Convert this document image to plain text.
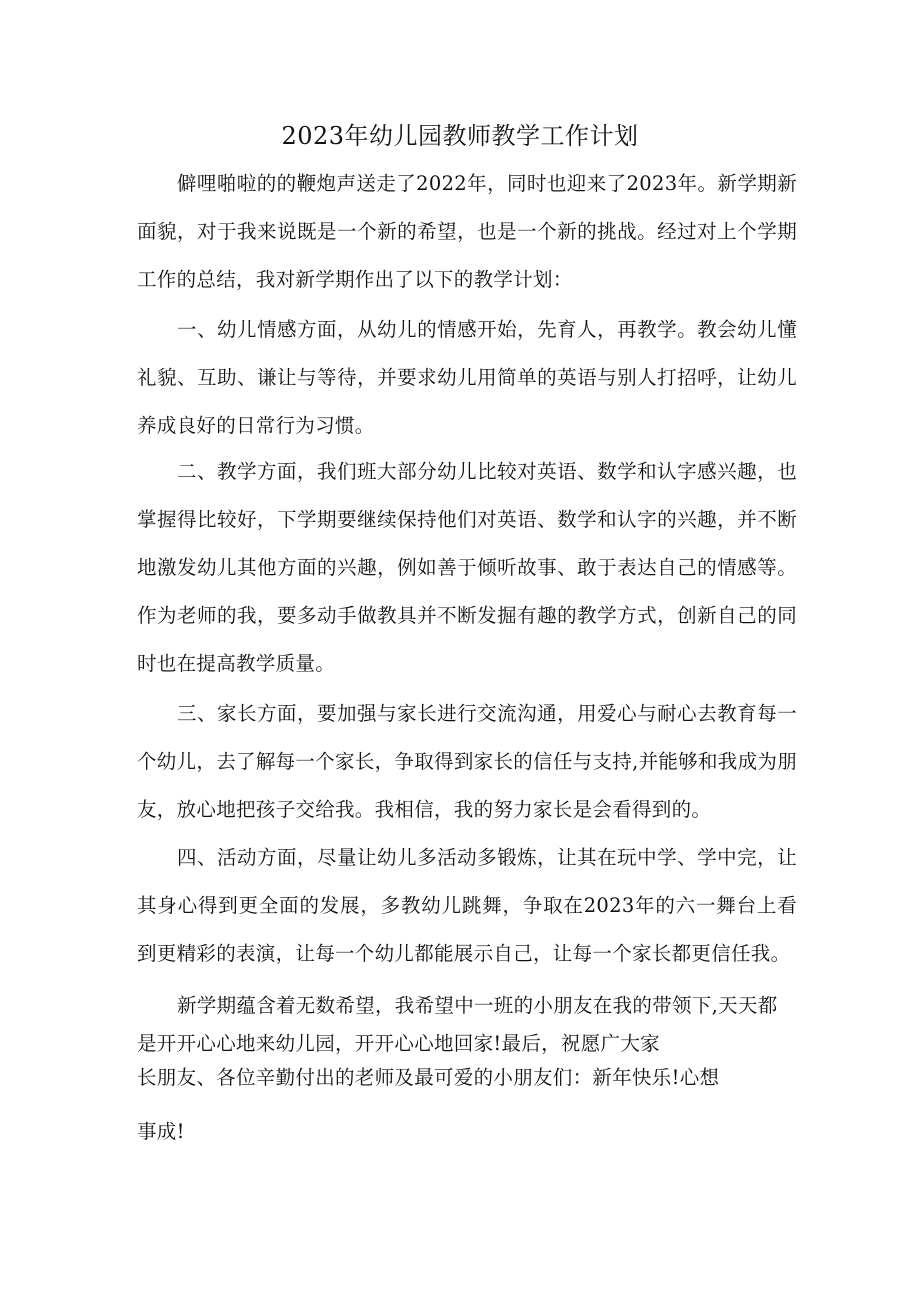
2023年幼儿园教师教学工作计划

僻哩啪啦的的鞭炮声送走了2022年，同时也迎来了2023年。新学期新面貌，对于我来说既是一个新的希望，也是一个新的挑战。经过对上个学期工作的总结，我对新学期作出了以下的教学计划：

一、幼儿情感方面，从幼儿的情感开始，先育人，再教学。教会幼儿懂礼貌、互助、谦让与等待，并要求幼儿用简单的英语与别人打招呼，让幼儿养成良好的日常行为习惯。

二、教学方面，我们班大部分幼儿比较对英语、数学和认字感兴趣，也掌握得比较好，下学期要继续保持他们对英语、数学和认字的兴趣，并不断地激发幼儿其他方面的兴趣，例如善于倾听故事、敢于表达自己的情感等。作为老师的我，要多动手做教具并不断发掘有趣的教学方式，创新自己的同时也在提高教学质量。

三、家长方面，要加强与家长进行交流沟通，用爱心与耐心去教育每一个幼儿，去了解每一个家长，争取得到家长的信任与支持,并能够和我成为朋友，放心地把孩子交给我。我相信，我的努力家长是会看得到的。

四、活动方面，尽量让幼儿多活动多锻炼，让其在玩中学、学中完，让其身心得到更全面的发展，多教幼儿跳舞，争取在2023年的六一舞台上看到更精彩的表演，让每一个幼儿都能展示自己，让每一个家长都更信任我。

新学期蕴含着无数希望，我希望中一班的小朋友在我的带领下,天天都

是开开心心地来幼儿园，开开心心地回家!最后，祝愿广大家
长朋友、各位辛勤付出的老师及最可爱的小朋友们：新年快乐!心想
事成!
